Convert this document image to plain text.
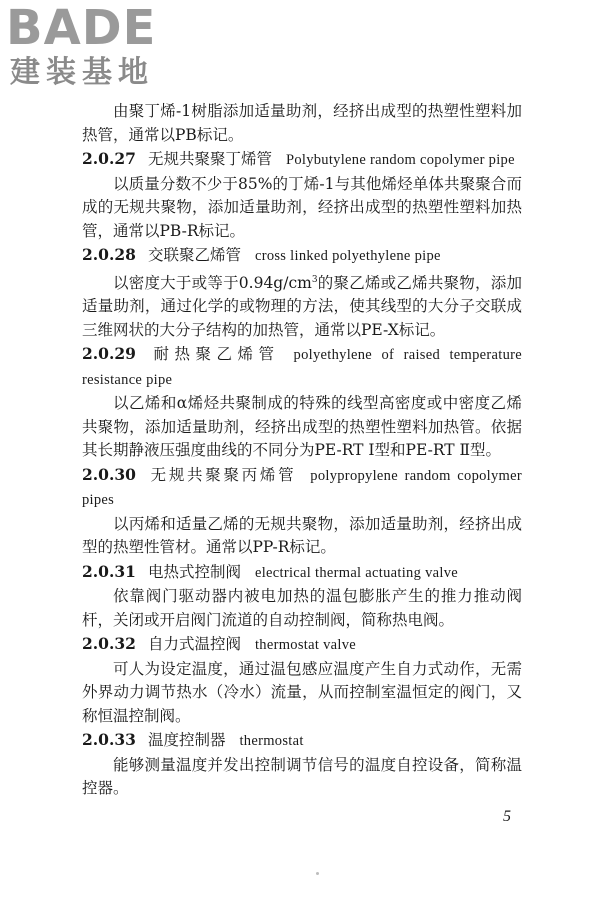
BADE
建装基地

由聚丁烯-1树脂添加适量助剂，经挤出成型的热塑性塑料加热管，通常以PB标记。

2.0.27 无规共聚聚丁烯管 Polybutylene random copolymer pipe

以质量分数不少于85%的丁烯-1与其他烯烃单体共聚聚合而成的无规共聚物，添加适量助剂，经挤出成型的热塑性塑料加热管，通常以PB-R标记。

2.0.28 交联聚乙烯管 cross linked polyethylene pipe

以密度大于或等于$0.94g/cm^3$的聚乙烯或乙烯共聚物，添加适量助剂，通过化学的或物理的方法，使其线型的大分子交联成三维网状的大分子结构的加热管，通常以PE-X标记。

2.0.29 耐热聚乙烯管 polyethylene of raised temperature resistance pipe

以乙烯和α烯烃共聚制成的特殊的线型高密度或中密度乙烯共聚物，添加适量助剂，经挤出成型的热塑性塑料加热管。依据其长期静液压强度曲线的不同分为PE-RT Ⅰ型和PE-RT Ⅱ型。

2.0.30 无规共聚聚丙烯管 polypropylene random copolymer pipes

以丙烯和适量乙烯的无规共聚物，添加适量助剂，经挤出成型的热塑性管材。通常以PP-R标记。

2.0.31 电热式控制阀 electrical thermal actuating valve

依靠阀门驱动器内被电加热的温包膨胀产生的推力推动阀杆，关闭或开启阀门流道的自动控制阀，简称热电阀。

2.0.32 自力式温控阀 thermostat valve

可人为设定温度，通过温包感应温度产生自力式动作，无需外界动力调节热水（冷水）流量，从而控制室温恒定的阀门，又称恒温控制阀。

2.0.33 温度控制器 thermostat

能够测量温度并发出控制调节信号的温度自控设备，简称温控器。

5
